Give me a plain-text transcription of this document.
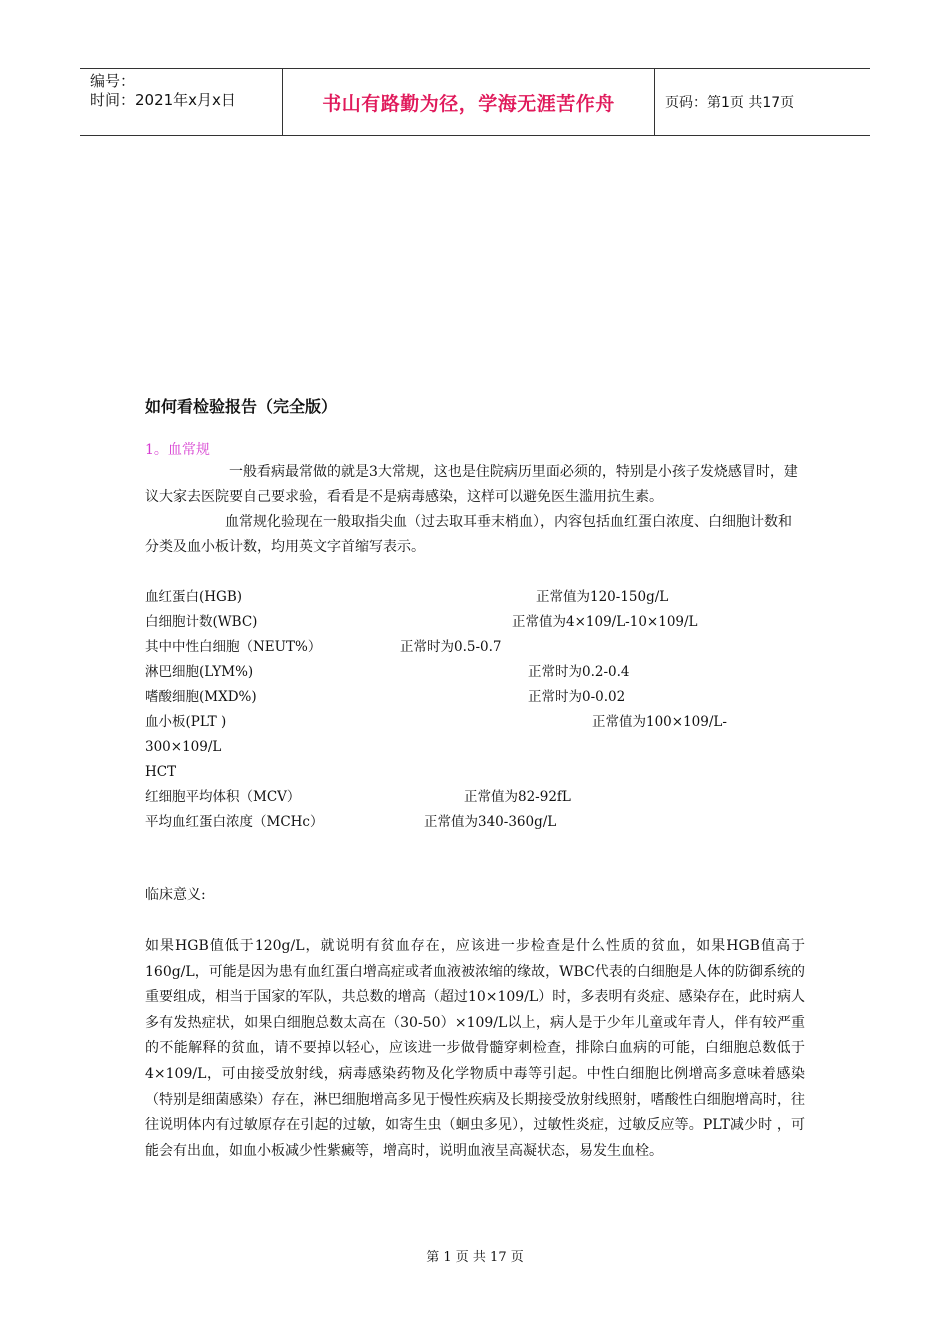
编号：
时间：2021年x月x日	书山有路勤为径，学海无涯苦作舟	页码：第1页 共17页
如何看检验报告（完全版）
1。血常规
一般看病最常做的就是3大常规，这也是住院病历里面必须的，特别是小孩子发烧感冒时，建议大家去医院要自己要求验，看看是不是病毒感染，这样可以避免医生滥用抗生素。
血常规化验现在一般取指尖血（过去取耳垂末梢血），内容包括血红蛋白浓度、白细胞计数和分类及血小板计数，均用英文字首缩写表示。
血红蛋白(HGB)	正常值为120-150g/L
白细胞计数(WBC)	正常值为4×109/L-10×109/L
其中中性白细胞（NEUT%）	正常时为0.5-0.7
淋巴细胞(LYM%)	正常时为0.2-0.4
嗜酸细胞(MXD%)	正常时为0-0.02
血小板(PLT )	正常值为100×109/L-
300×109/L
HCT
红细胞平均体积（MCV）	正常值为82-92fL
平均血红蛋白浓度（MCHc）	正常值为340-360g/L
临床意义:
如果HGB值低于120g/L，就说明有贫血存在，应该进一步检查是什么性质的贫血，如果HGB值高于160g/L，可能是因为患有血红蛋白增高症或者血液被浓缩的缘故，WBC代表的白细胞是人体的防御系统的重要组成，相当于国家的军队，共总数的增高（超过10×109/L）时，多表明有炎症、感染存在，此时病人多有发热症状，如果白细胞总数太高在（30-50）×109/L以上，病人是于少年儿童或年青人，伴有较严重的不能解释的贫血，请不要掉以轻心，应该进一步做骨髓穿刺检查，排除白血病的可能，白细胞总数低于4×109/L，可由接受放射线，病毒感染药物及化学物质中毒等引起。中性白细胞比例增高多意味着感染（特别是细菌感染）存在，淋巴细胞增高多见于慢性疾病及长期接受放射线照射，嗜酸性白细胞增高时，往往说明体内有过敏原存在引起的过敏，如寄生虫（蛔虫多见），过敏性炎症，过敏反应等。PLT减少时 ，可能会有出血，如血小板减少性紫癜等，增高时，说明血液呈高凝状态，易发生血栓。
第 1 页 共 17 页
